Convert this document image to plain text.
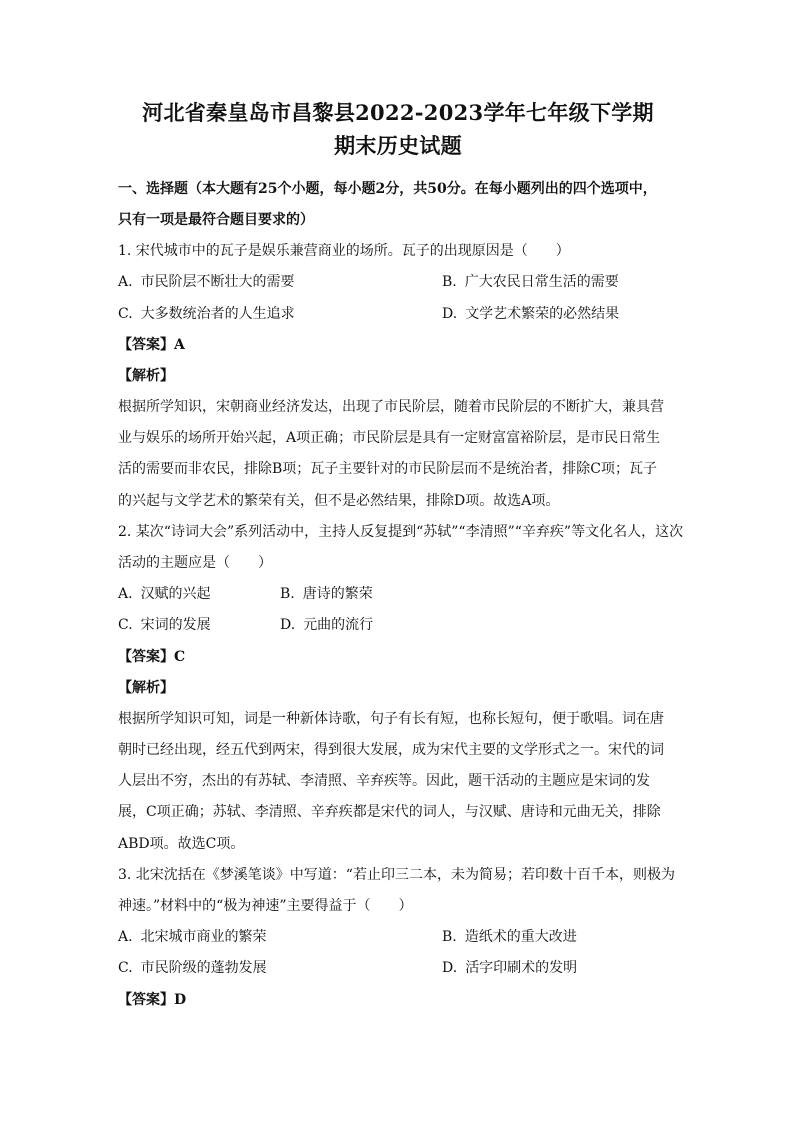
河北省秦皇岛市昌黎县2022-2023学年七年级下学期
期末历史试题
一、选择题（本大题有25个小题，每小题2分，共50分。在每小题列出的四个选项中，
只有一项是最符合题目要求的）
1. 宋代城市中的瓦子是娱乐兼营商业的场所。瓦子的出现原因是（　　）
A. 市民阶层不断壮大的需要	B. 广大农民日常生活的需要
C. 大多数统治者的人生追求	D. 文学艺术繁荣的必然结果
【答案】A
【解析】

根据所学知识，宋朝商业经济发达，出现了市民阶层，随着市民阶层的不断扩大，兼具营

业与娱乐的场所开始兴起，A项正确；市民阶层是具有一定财富富裕阶层，是市民日常生

活的需要而非农民，排除B项；瓦子主要针对的市民阶层而不是统治者，排除C项；瓦子

的兴起与文学艺术的繁荣有关，但不是必然结果，排除D项。故选A项。

2. 某次“诗词大会”系列活动中，主持人反复提到“苏轼”“李清照”“辛弃疾”等文化名人，这次
活动的主题应是（　　）
A. 汉赋的兴起	B. 唐诗的繁荣
C. 宋词的发展	D. 元曲的流行
【答案】C
【解析】

根据所学知识可知，词是一种新体诗歌，句子有长有短，也称长短句，便于歌唱。词在唐

朝时已经出现，经五代到两宋，得到很大发展，成为宋代主要的文学形式之一。宋代的词

人层出不穷，杰出的有苏轼、李清照、辛弃疾等。因此，题干活动的主题应是宋词的发

展，C项正确；苏轼、李清照、辛弃疾都是宋代的词人，与汉赋、唐诗和元曲无关，排除

ABD项。故选C项。

3. 北宋沈括在《梦溪笔谈》中写道：“若止印三二本，未为简易；若印数十百千本，则极为
神速。”材料中的“极为神速”主要得益于（　　）
A. 北宋城市商业的繁荣	B. 造纸术的重大改进
C. 市民阶级的蓬勃发展	D. 活字印刷术的发明
【答案】D
